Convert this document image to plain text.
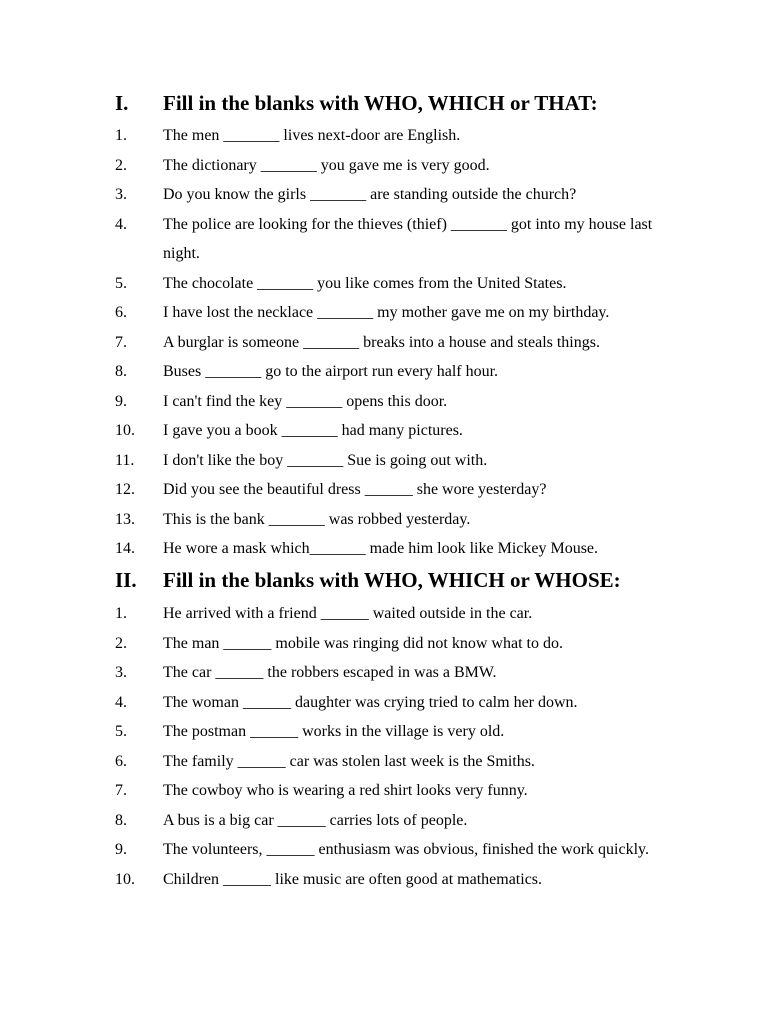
I. Fill in the blanks with WHO, WHICH or THAT:
1. The men _______ lives next-door are English.
2. The dictionary _______ you gave me is very good.
3. Do you know the girls _______ are standing outside the church?
4. The police are looking for the thieves (thief) _______ got into my house last night.
5. The chocolate _______ you like comes from the United States.
6. I have lost the necklace _______ my mother gave me on my birthday.
7. A burglar is someone _______ breaks into a house and steals things.
8. Buses _______ go to the airport run every half hour.
9. I can't find the key _______ opens this door.
10. I gave you a book _______ had many pictures.
11. I don't like the boy _______ Sue is going out with.
12. Did you see the beautiful dress ______ she wore yesterday?
13. This is the bank _______ was robbed yesterday.
14. He wore a mask which_______ made him look like Mickey Mouse.
II. Fill in the blanks with WHO, WHICH or WHOSE:
1. He arrived with a friend ______ waited outside in the car.
2. The man ______ mobile was ringing did not know what to do.
3. The car ______ the robbers escaped in was a BMW.
4. The woman ______ daughter was crying tried to calm her down.
5. The postman ______ works in the village is very old.
6. The family ______ car was stolen last week is the Smiths.
7. The cowboy who is wearing a red shirt looks very funny.
8. A bus is a big car ______ carries lots of people.
9. The volunteers, ______ enthusiasm was obvious, finished the work quickly.
10. Children ______ like music are often good at mathematics.
